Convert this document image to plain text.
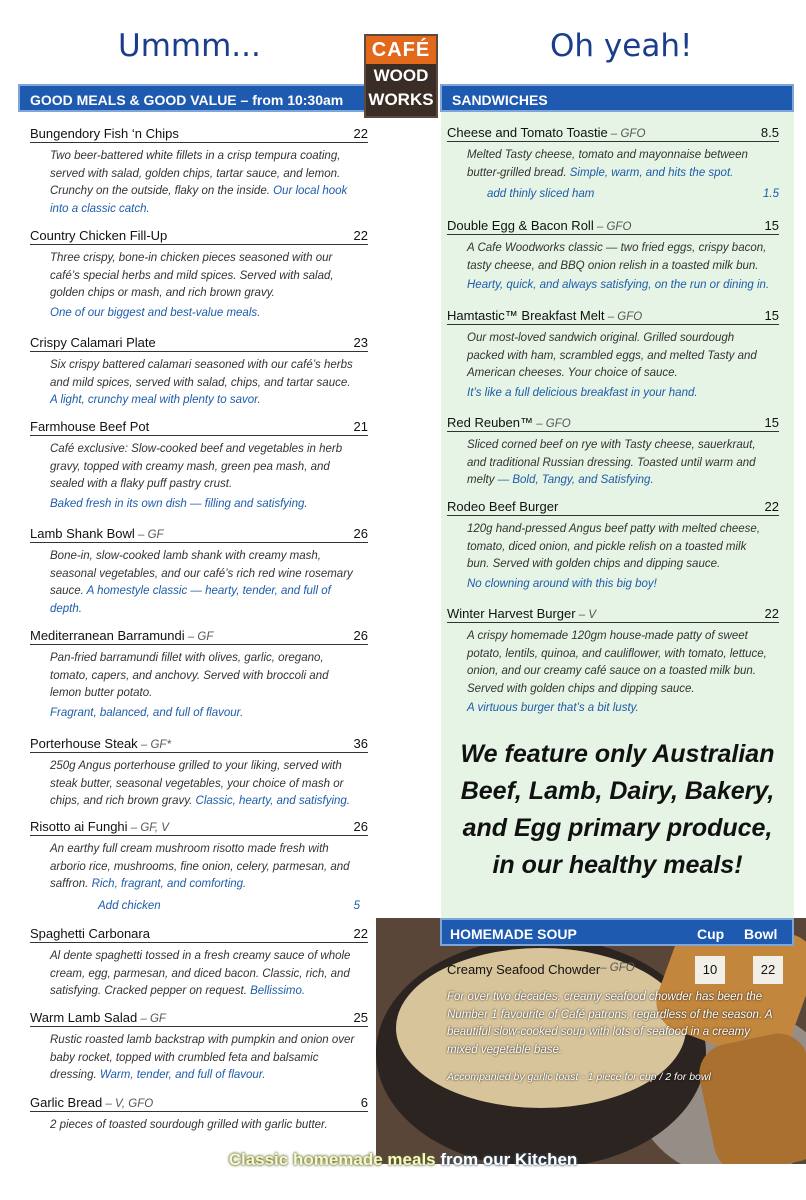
Ummm...	Oh yeah!
CAFÉ
WOOD
WORKS
GOOD MEALS & GOOD VALUE – from 10:30am	SANDWICHES
Bungendory Fish ‘n Chips	22
Two beer-battered white fillets in a crisp tempura coating, served with salad, golden chips, tartar sauce, and lemon. Crunchy on the outside, flaky on the inside. Our local hook into a classic catch.
Country Chicken Fill-Up	22
Three crispy, bone-in chicken pieces seasoned with our café’s special herbs and mild spices. Served with salad, golden chips or mash, and rich brown gravy.
One of our biggest and best-value meals.
Crispy Calamari Plate	23
Six crispy battered calamari seasoned with our café’s herbs and mild spices, served with salad, chips, and tartar sauce. A light, crunchy meal with plenty to savor.
Farmhouse Beef Pot	21
Café exclusive: Slow-cooked beef and vegetables in herb gravy, topped with creamy mash, green pea mash, and sealed with a flaky puff pastry crust.
Baked fresh in its own dish — filling and satisfying.
Lamb Shank Bowl – GF	26
Bone-in, slow-cooked lamb shank with creamy mash, seasonal vegetables, and our café’s rich red wine rosemary sauce. A homestyle classic — hearty, tender, and full of depth.
Mediterranean Barramundi – GF	26
Pan-fried barramundi fillet with olives, garlic, oregano, tomato, capers, and anchovy. Served with broccoli and lemon butter potato.
Fragrant, balanced, and full of flavour.
Porterhouse Steak – GF*	36
250g Angus porterhouse grilled to your liking, served with steak butter, seasonal vegetables, your choice of mash or chips, and rich brown gravy. Classic, hearty, and satisfying.
Risotto ai Funghi – GF, V	26
An earthy full cream mushroom risotto made fresh with arborio rice, mushrooms, fine onion, celery, parmesan, and saffron. Rich, fragrant, and comforting.
Add chicken	5
Spaghetti Carbonara	22
Al dente spaghetti tossed in a fresh creamy sauce of whole cream, egg, parmesan, and diced bacon. Classic, rich, and satisfying. Cracked pepper on request. Bellissimo.
Warm Lamb Salad – GF	25
Rustic roasted lamb backstrap with pumpkin and onion over baby rocket, topped with crumbled feta and balsamic dressing. Warm, tender, and full of flavour.
Garlic Bread – V, GFO	6
2 pieces of toasted sourdough grilled with garlic butter.
Cheese and Tomato Toastie – GFO	8.5
Melted Tasty cheese, tomato and mayonnaise between butter-grilled bread. Simple, warm, and hits the spot.
add thinly sliced ham	1.5
Double Egg & Bacon Roll – GFO	15
A Cafe Woodworks classic — two fried eggs, crispy bacon, tasty cheese, and BBQ onion relish in a toasted milk bun.
Hearty, quick, and always satisfying, on the run or dining in.
Hamtastic™ Breakfast Melt – GFO	15
Our most-loved sandwich original. Grilled sourdough packed with ham, scrambled eggs, and melted Tasty and American cheeses. Your choice of sauce.
It’s like a full delicious breakfast in your hand.
Red Reuben™ – GFO	15
Sliced corned beef on rye with Tasty cheese, sauerkraut, and traditional Russian dressing. Toasted until warm and melty — Bold, Tangy, and Satisfying.
Rodeo Beef Burger	22
120g hand-pressed Angus beef patty with melted cheese, tomato, diced onion, and pickle relish on a toasted milk bun. Served with golden chips and dipping sauce.
No clowning around with this big boy!
Winter Harvest Burger – V	22
A crispy homemade 120gm house-made patty of sweet potato, lentils, quinoa, and cauliflower, with tomato, lettuce, onion, and our creamy café sauce on a toasted milk bun. Served with golden chips and dipping sauce.
A virtuous burger that’s a bit lusty.
We feature only Australian
Beef, Lamb, Dairy, Bakery,
and Egg primary produce,
in our healthy meals!
HOMEMADE SOUP	Cup Bowl
Creamy Seafood Chowder – GFO	10	22
For over two decades, creamy seafood chowder has been the Number 1 favourite of Café patrons, regardless of the season. A beautiful slow-cooked soup with lots of seafood in a creamy mixed vegetable base.
Accompanied by garlic toast - 1 piece for cup / 2 for bowl
Classic homemade meals from our Kitchen
